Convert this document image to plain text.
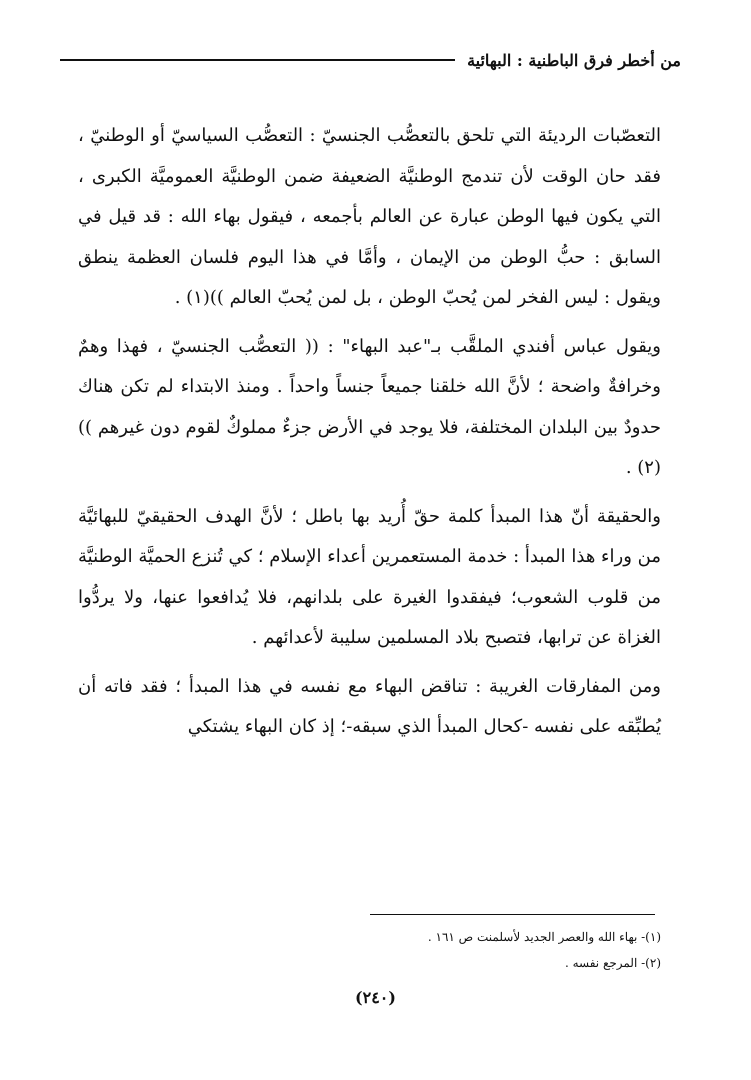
من أخطر فرق الباطنية : البهائية

التعصّبات الرديئة التي تلحق بالتعصُّب الجنسيّ : التعصُّب السياسيّ أو الوطنيّ ، فقد حان الوقت لأن تندمج الوطنيَّة الضعيفة ضمن الوطنيَّة العموميَّة الكبرى ، التي يكون فيها الوطن عبارة عن العالم بأجمعه ، فيقول بهاء الله : قد قيل في السابق : حبُّ الوطن من الإيمان ، وأمَّا في هذا اليوم فلسان العظمة ينطق ويقول : ليس الفخر لمن يُحبّ الوطن ، بل لمن يُحبّ العالم ))(١) .

ويقول عباس أفندي الملقَّب بـ"عبد البهاء" : (( التعصُّب الجنسيّ ، فهذا وهمٌ وخرافةٌ واضحة ؛ لأنَّ الله خلقنا جميعاً جنساً واحداً . ومنذ الابتداء لم تكن هناك حدودٌ بين البلدان المختلفة، فلا يوجد في الأرض جزءٌ مملوكٌ لقوم دون غيرهم ))(٢) .

والحقيقة أنّ هذا المبدأ كلمة حقّ أُريد بها باطل ؛ لأنَّ الهدف الحقيقيّ للبهائيَّة من وراء هذا المبدأ : خدمة المستعمرين أعداء الإسلام ؛ كي تُنزع الحميَّة الوطنيَّة من قلوب الشعوب؛ فيفقدوا الغيرة على بلدانهم، فلا يُدافعوا عنها، ولا يردُّوا الغزاة عن ترابها، فتصبح بلاد المسلمين سليبة لأعدائهم .

ومن المفارقات الغريبة : تناقض البهاء مع نفسه في هذا المبدأ ؛ فقد فاته أن يُطبِّقه على نفسه -كحال المبدأ الذي سبقه-؛ إذ كان البهاء يشتكي

(١)- بهاء الله والعصر الجديد لأسلمنت ص ١٦١ .
(٢)- المرجع نفسه .
(٢٤٠)
